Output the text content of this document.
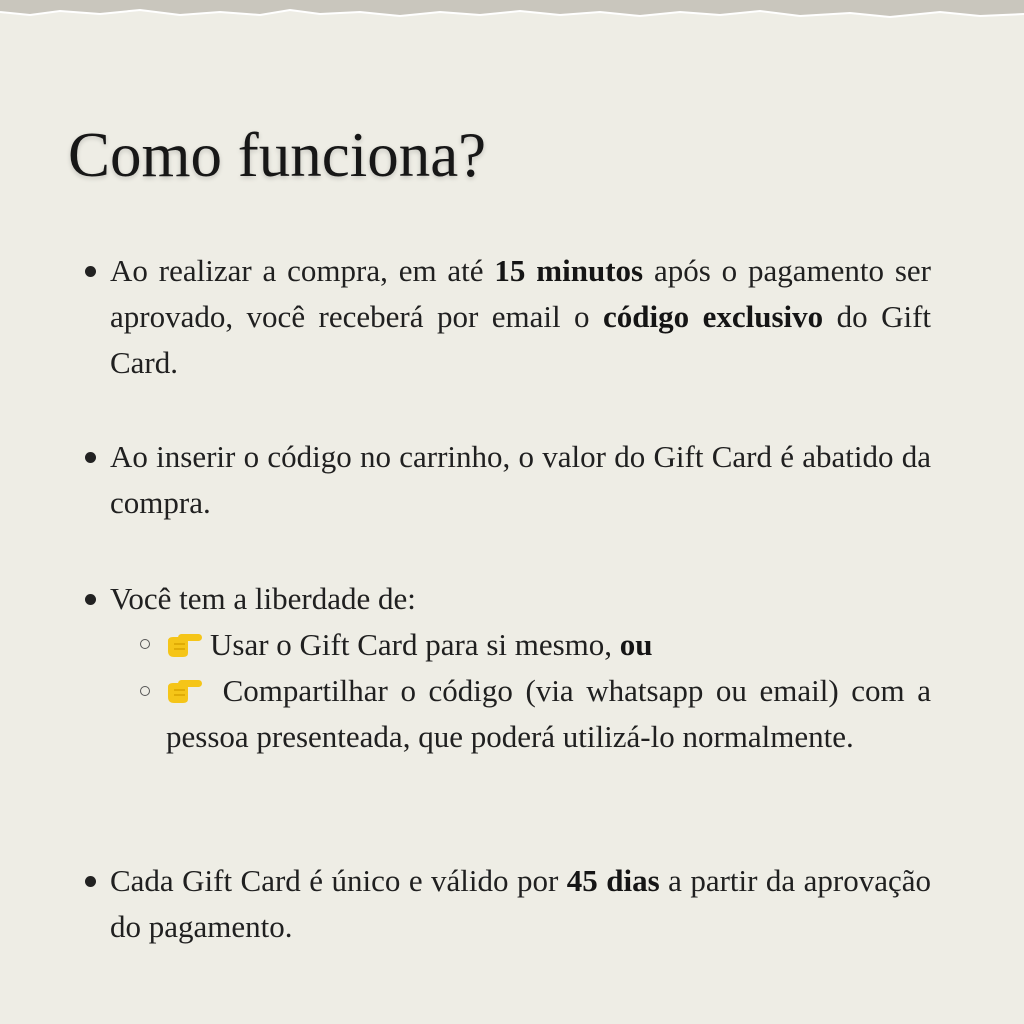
Como funciona?

Ao realizar a compra, em até 15 minutos após o pagamento ser aprovado, você receberá por email o código exclusivo do Gift Card.

Ao inserir o código no carrinho, o valor do Gift Card é abatido da compra.

Você tem a liberdade de:

Usar o Gift Card para si mesmo, ou

Compartilhar o código (via whatsapp ou email) com a pessoa presenteada, que poderá utilizá-lo normalmente.

Cada Gift Card é único e válido por 45 dias a partir da aprovação do pagamento.
